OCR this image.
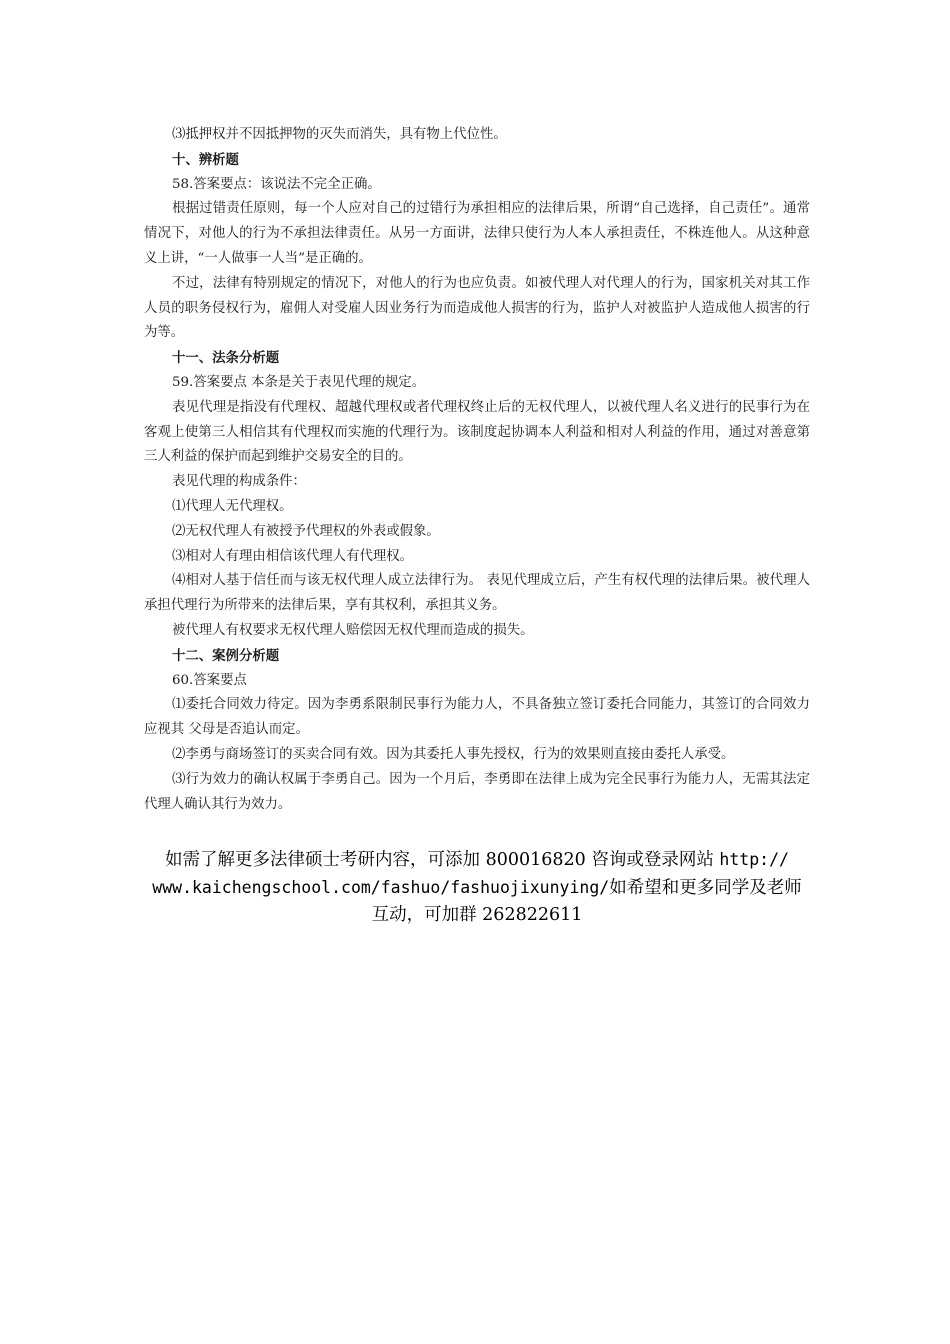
⑶抵押权并不因抵押物的灭失而消失，具有物上代位性。

十、辨析题

58.答案要点：该说法不完全正确。

根据过错责任原则，每一个人应对自己的过错行为承担相应的法律后果，所谓“自己选择，自己责任”。通常情况下，对他人的行为不承担法律责任。从另一方面讲，法律只使行为人本人承担责任，不株连他人。从这种意义上讲，“一人做事一人当”是正确的。

不过，法律有特别规定的情况下，对他人的行为也应负责。如被代理人对代理人的行为，国家机关对其工作人员的职务侵权行为，雇佣人对受雇人因业务行为而造成他人损害的行为，监护人对被监护人造成他人损害的行为等。

十一、法条分析题

59.答案要点 本条是关于表见代理的规定。

表见代理是指没有代理权、超越代理权或者代理权终止后的无权代理人，以被代理人名义进行的民事行为在客观上使第三人相信其有代理权而实施的代理行为。该制度起协调本人利益和相对人利益的作用，通过对善意第三人利益的保护而起到维护交易安全的目的。

表见代理的构成条件：

⑴代理人无代理权。

⑵无权代理人有被授予代理权的外表或假象。

⑶相对人有理由相信该代理人有代理权。

⑷相对人基于信任而与该无权代理人成立法律行为。 表见代理成立后，产生有权代理的法律后果。被代理人承担代理行为所带来的法律后果，享有其权利，承担其义务。

被代理人有权要求无权代理人赔偿因无权代理而造成的损失。

十二、案例分析题

60.答案要点

⑴委托合同效力待定。因为李勇系限制民事行为能力人，不具备独立签订委托合同能力，其签订的合同效力应视其 父母是否追认而定。

⑵李勇与商场签订的买卖合同有效。因为其委托人事先授权，行为的效果则直接由委托人承受。

⑶行为效力的确认权属于李勇自己。因为一个月后，李勇即在法律上成为完全民事行为能力人，无需其法定代理人确认其行为效力。

如需了解更多法律硕士考研内容，可添加 800016820 咨询或登录网站 http://
www.kaichengschool.com/fashuo/fashuojixunying/如希望和更多同学及老师
互动，可加群 262822611
